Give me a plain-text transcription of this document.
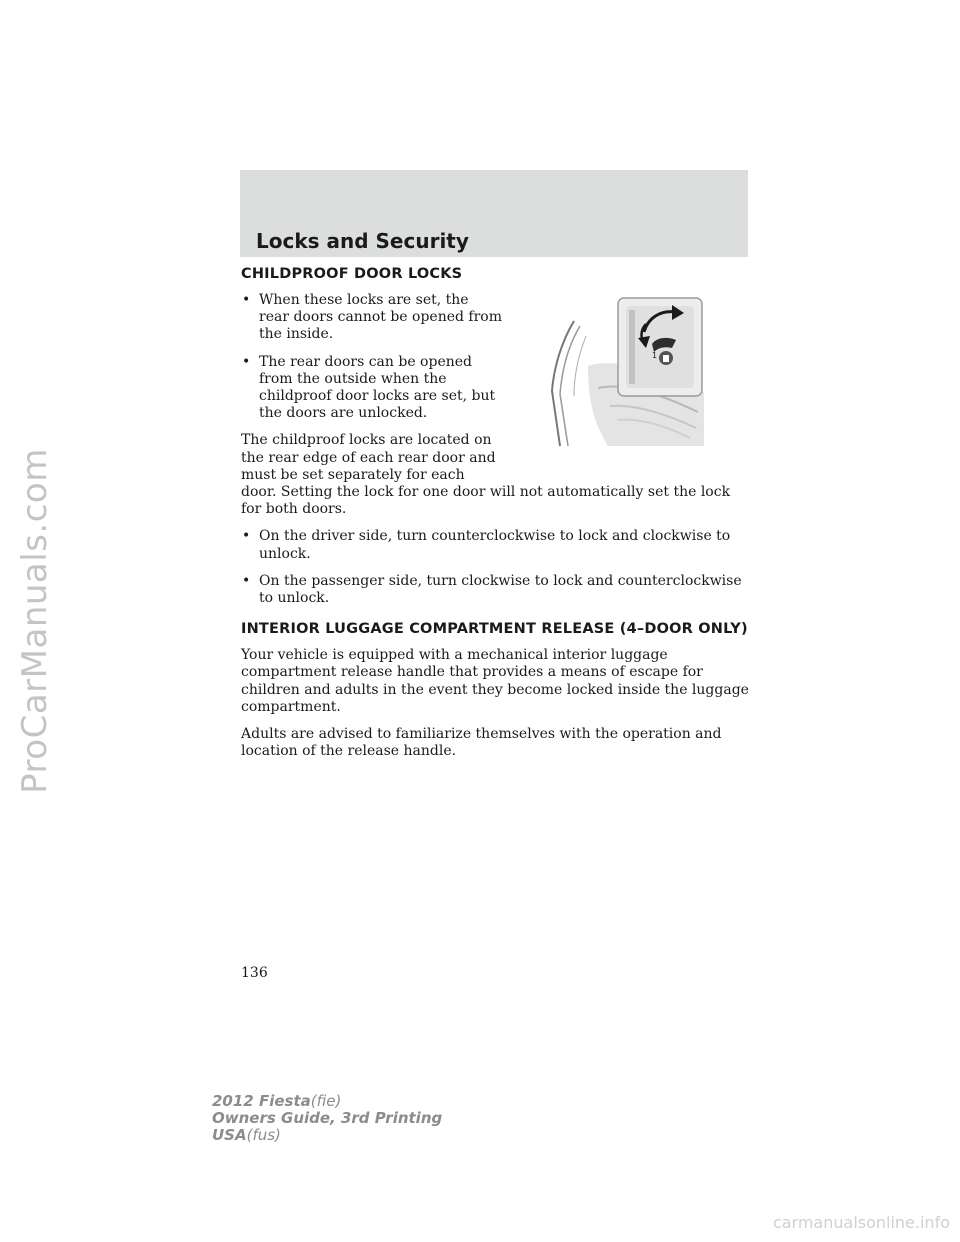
ProCarManuals.com
Locks and Security
1
CHILDPROOF DOOR LOCKS
• When these locks are set, the rear doors cannot be opened from the inside.
• The rear doors can be opened from the outside when the childproof door locks are set, but the doors are unlocked.

The childproof locks are located on
the rear edge of each rear door and
must be set separately for each
door. Setting the lock for one door will not automatically set the lock for both doors.

• On the driver side, turn counterclockwise to lock and clockwise to unlock.
• On the passenger side, turn clockwise to lock and counterclockwise to unlock.
INTERIOR LUGGAGE COMPARTMENT RELEASE (4–DOOR ONLY)

Your vehicle is equipped with a mechanical interior luggage compartment release handle that provides a means of escape for children and adults in the event they become locked inside the luggage compartment.

Adults are advised to familiarize themselves with the operation and location of the release handle.

136
2012 Fiesta(fie)
Owners Guide, 3rd Printing
USA(fus)
carmanualsonline.info
